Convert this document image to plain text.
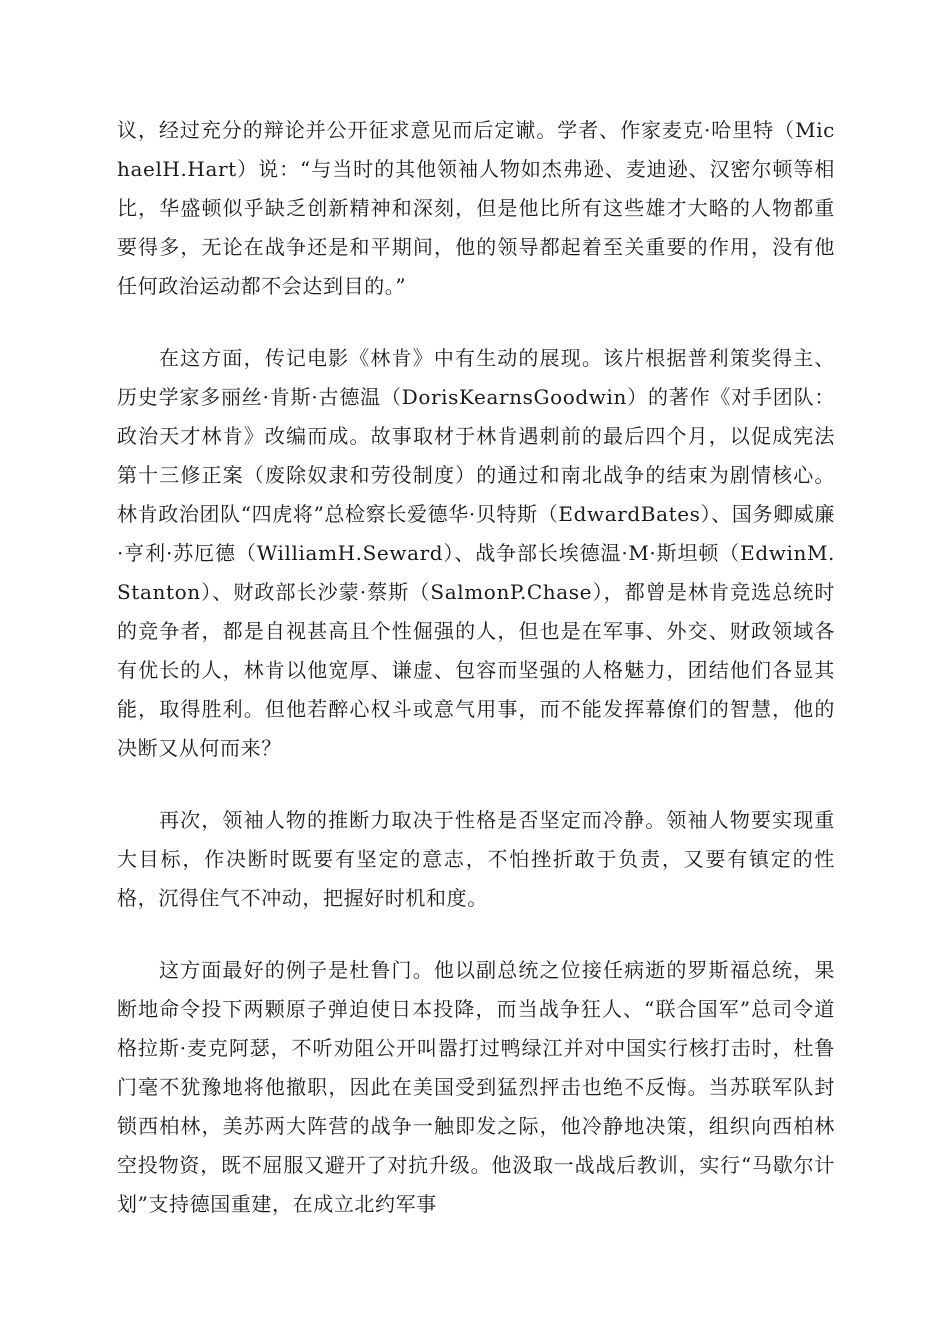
议，经过充分的辩论并公开征求意见而后定谳。学者、作家麦克·哈里特（MichaelH.Hart）说：“与当时的其他领袖人物如杰弗逊、麦迪逊、汉密尔顿等相比，华盛顿似乎缺乏创新精神和深刻，但是他比所有这些雄才大略的人物都重要得多，无论在战争还是和平期间，他的领导都起着至关重要的作用，没有他任何政治运动都不会达到目的。”

在这方面，传记电影《林肯》中有生动的展现。该片根据普利策奖得主、历史学家多丽丝·肯斯·古德温（DorisKearnsGoodwin）的著作《对手团队：政治天才林肯》改编而成。故事取材于林肯遇刺前的最后四个月，以促成宪法第十三修正案（废除奴隶和劳役制度）的通过和南北战争的结束为剧情核心。林肯政治团队“四虎将”总检察长爱德华·贝特斯（EdwardBates）、国务卿威廉·亨利·苏厄德（WilliamH.Seward）、战争部长埃德温·M·斯坦顿（EdwinM.Stanton）、财政部长沙蒙·蔡斯（SalmonP.Chase），都曾是林肯竞选总统时的竞争者，都是自视甚高且个性倔强的人，但也是在军事、外交、财政领域各有优长的人，林肯以他宽厚、谦虚、包容而坚强的人格魅力，团结他们各显其能，取得胜利。但他若醉心权斗或意气用事，而不能发挥幕僚们的智慧，他的决断又从何而来？

再次，领袖人物的推断力取决于性格是否坚定而冷静。领袖人物要实现重大目标，作决断时既要有坚定的意志，不怕挫折敢于负责，又要有镇定的性格，沉得住气不冲动，把握好时机和度。

这方面最好的例子是杜鲁门。他以副总统之位接任病逝的罗斯福总统，果断地命令投下两颗原子弹迫使日本投降，而当战争狂人、“联合国军”总司令道格拉斯·麦克阿瑟，不听劝阻公开叫嚣打过鸭绿江并对中国实行核打击时，杜鲁门毫不犹豫地将他撤职，因此在美国受到猛烈抨击也绝不反悔。当苏联军队封锁西柏林，美苏两大阵营的战争一触即发之际，他冷静地决策，组织向西柏林空投物资，既不屈服又避开了对抗升级。他汲取一战战后教训，实行“马歇尔计划”支持德国重建，在成立北约军事
